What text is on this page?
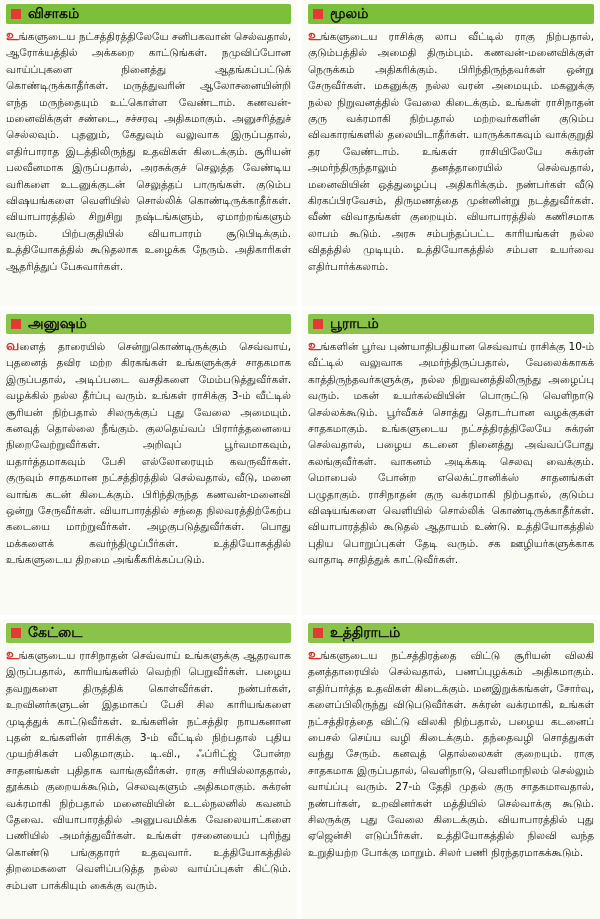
விசாகம்
உங்களுடைய நட்சத்திரத்திலேயே சனிபகவான் செல்வதால், ஆரோக்யத்தில் அக்கறை காட்டுங்கள். நமுவிப்போன வாய்ப்புகளை நினைத்து ஆதங்கப்பட்டுக் கொண்டிருக்காதீர்கள். மருத்துவரின் ஆலோசனையின்றி எந்த மருந்தையும் உட்கொள்ள வேண்டாம். கணவன்-மனைவிக்குள் சண்டை, சச்சரவு அதிகமாகும். அனுசரித்துச் செல்லவும். புதனும், கேதுவும் வலுவாக இருப்பதால், எதிர்பாராத இடத்திலிருந்து உதவிகள் கிடைக்கும். சூரியன் பலவீனமாக இருப்பதால், அரசுக்குச் செலுத்த வேண்டிய வரிகளை உடனுக்குடன் செலுத்தப் பாருங்கள். குடும்ப விஷயங்களை வெளியில் சொல்லிக் கொண்டிருக்காதீர்கள். வியாபாரத்தில் சிறுசிறு நஷ்டங்களும், ஏமாற்றங்களும் வரும். பிற்பகுதியில் வியாபாரம் சூடுபிடிக்கும். உத்தியோகத்தில் கூடுதலாக உழைக்க நேரும். அதிகாரிகள் ஆதரித்துப் பேசுவார்கள்.
மூலம்
உங்களுடைய ராசிக்கு லாப வீட்டில் ராகு நிற்பதால், குடும்பத்தில் அமைதி திரும்பும். கணவன்-மனைவிக்குள் நெருக்கம் அதிகரிக்கும். பிரிந்திருந்தவர்கள் ஒன்று சேருவீர்கள். மகனுக்கு நல்ல வரன் அமையும். மகனுக்கு நல்ல நிறுவனத்தில் வேலை கிடைக்கும். உங்கள் ராசிநாதன் குரு வக்ரமாகி நிற்பதால் மற்றவர்களின் குடும்ப விவகாரங்களில் தலையிடாதீர்கள். யாருக்காகவும் வாக்குறுதி தர வேண்டாம். உங்கள் ராசியிலேயே சுக்ரன் அமர்ந்திருந்தாலும் தனத்தாரையில் செல்வதால், மனைவியின் ஒத்துழைப்பு அதிகரிக்கும். நண்பர்கள் வீடு கிரகப்பிரவேசம், திருமணத்தை முன்னின்று நடத்துவீர்கள். வீண் விவாதங்கள் குறையும். வியாபாரத்தில் கணிசமாக லாபம் கூடும். அரசு சம்பந்தப்பட்ட காரியங்கள் நல்ல விதத்தில் முடியும். உத்தியோகத்தில் சம்பள உயர்வை எதிர்பார்க்கலாம்.
அனுஷம்
வளைத் தாரையில் சென்றுகொண்டிருக்கும் செவ்வாய், புதனைத் தவிர மற்ற கிரகங்கள் உங்களுக்குச் சாதகமாக இருப்பதால், அடிப்படை வசதிகளை மேம்படுத்துவீர்கள். வழக்கில் நல்ல தீர்ப்பு வரும். உங்கள் ராசிக்கு 3-ம் வீட்டில் சூரியன் நிற்பதால் சிலருக்குப் புது வேலை அமையும். கனவுத் தொல்லை நீங்கும். குலதெய்வப் பிரார்த்தனையை நிறைவேற்றுவீர்கள். அறிவுப் பூர்வமாகவும், யதார்த்தமாகவும் பேசி எல்லோரையும் கவருவீர்கள். குருவும் சாதகமான நட்சத்திரத்தில் செல்வதால், வீடு, மனை வாங்க கடன் கிடைக்கும். பிரிந்திருந்த கணவன்-மனைவி ஒன்று சேருவீர்கள். வியாபாரத்தில் சந்தை நிலவரத்திற்கேற்ப கடையை மாற்றுவீர்கள். அழகுபடுத்துவீர்கள். பொது மக்களைக் கவர்ந்திழுப்பீர்கள். உத்தியோகத்தில் உங்களுடைய திறமை அங்கீகரிக்கப்படும்.
பூராடம்
உங்களின் பூர்வ புண்யாதிபதியான செவ்வாய் ராசிக்கு 10-ம் வீட்டில் வலுவாக அமர்ந்திருப்பதால், வேலைக்காகக் காத்திருந்தவர்களுக்கு, நல்ல நிறுவனத்திலிருந்து அழைப்பு வரும். மகன் உயர்கல்வியின் பொருட்டு வெளிநாடு செல்லக்கூடும். பூர்வீகச் சொத்து தொடர்பான வழக்குகள் சாதகமாகும். உங்களுடைய நட்சத்திரத்திலேயே சுக்ரன் செல்வதால், பழைய கடனை நினைத்து அவ்வப்போது கலங்குவீர்கள். வாகனம் அடிக்கடி செலவு வைக்கும். மொபைல் போன்ற எலெக்ட்ரானிக்ஸ் சாதனங்கள் பழுதாகும். ராசிநாதன் குரு வக்ரமாகி நிற்பதால், குடும்ப விஷயங்களை வெளியில் சொல்லிக் கொண்டிருக்காதீர்கள். வியாபாரத்தில் கூடுதல் ஆதாயம் உண்டு. உத்தியோகத்தில் புதிய பொறுப்புகள் தேடி வரும். சக ஊழியர்களுக்காக வாதாடி சாதித்துக் காட்டுவீர்கள்.
கேட்டை
உங்களுடைய ராசிநாதன் செவ்வாய் உங்களுக்கு ஆதரவாக இருப்பதால், காரியங்களில் வெற்றி பெறுவீர்கள். பழைய தவறுகளை திருத்திக் கொள்வீர்கள். நண்பர்கள், உறவினர்களுடன் இதமாகப் பேசி சில காரியங்களை முடித்துக் காட்டுவீர்கள். உங்களின் நட்சத்திர நாயகனான புதன் உங்களின் ராசிக்கு 3-ம் வீட்டில் நிற்பதால் புதிய முயற்சிகள் பலிதமாகும். டி.வி., ஃப்ரிட்ஜ் போன்ற சாதனங்கள் புதிதாக வாங்குவீர்கள். ராகு சரியில்லாததால், தூக்கம் குறையக்கூடும், செலவுகளும் அதிகமாகும். சுக்ரன் வக்ரமாகி நிற்பதால் மனைவியின் உடல்நலனில் கவனம் தேவை. வியாபாரத்தில் அனுபவமிக்க வேலையாட்களை பணியில் அமர்த்துவீர்கள். உங்கள் ரசனையைப் புரிந்து கொண்டு பங்குதாரர் உதவுவார். உத்தியோகத்தில் திறமைகளை வெளிப்படுத்த நல்ல வாய்ப்புகள் கிட்டும். சம்பள பாக்கியும் கைக்கு வரும்.
உத்திராடம்
உங்களுடைய நட்சத்திரத்தை விட்டு சூரியன் விலகி தனத்தாரையில் செல்வதால், பணப்புழக்கம் அதிகமாகும். எதிர்பார்த்த உதவிகள் கிடைக்கும். மனஇறுக்கங்கள், சோர்வு, களைப்பிலிருந்து விடுபடுவீர்கள். சுக்ரன் வக்ரமாகி, உங்கள் நட்சத்திரத்தை விட்டு விலகி நிற்பதால், பழைய கடனைப் பைசல் செய்ய வழி கிடைக்கும். தந்தைவழி சொத்துகள் வந்து சேரும். கனவுத் தொல்லைகள் குறையும். ராகு சாதகமாக இருப்பதால், வெளிநாடு, வெளிமாநிலம் செல்லும் வாய்ப்பு வரும். 27-ம் தேதி முதல் குரு சாதகமாவதால், நண்பர்கள், உறவினர்கள் மத்தியில் செல்வாக்கு கூடும். சிலருக்கு புது வேலை கிடைக்கும். வியாபாரத்தில் புது ஏஜென்சி எடுப்பீர்கள். உத்தியோகத்தில் நிலவி வந்த உறுதியற்ற போக்கு மாறும். சிலர் பணி நிரந்தரமாகக்கூடும்.
